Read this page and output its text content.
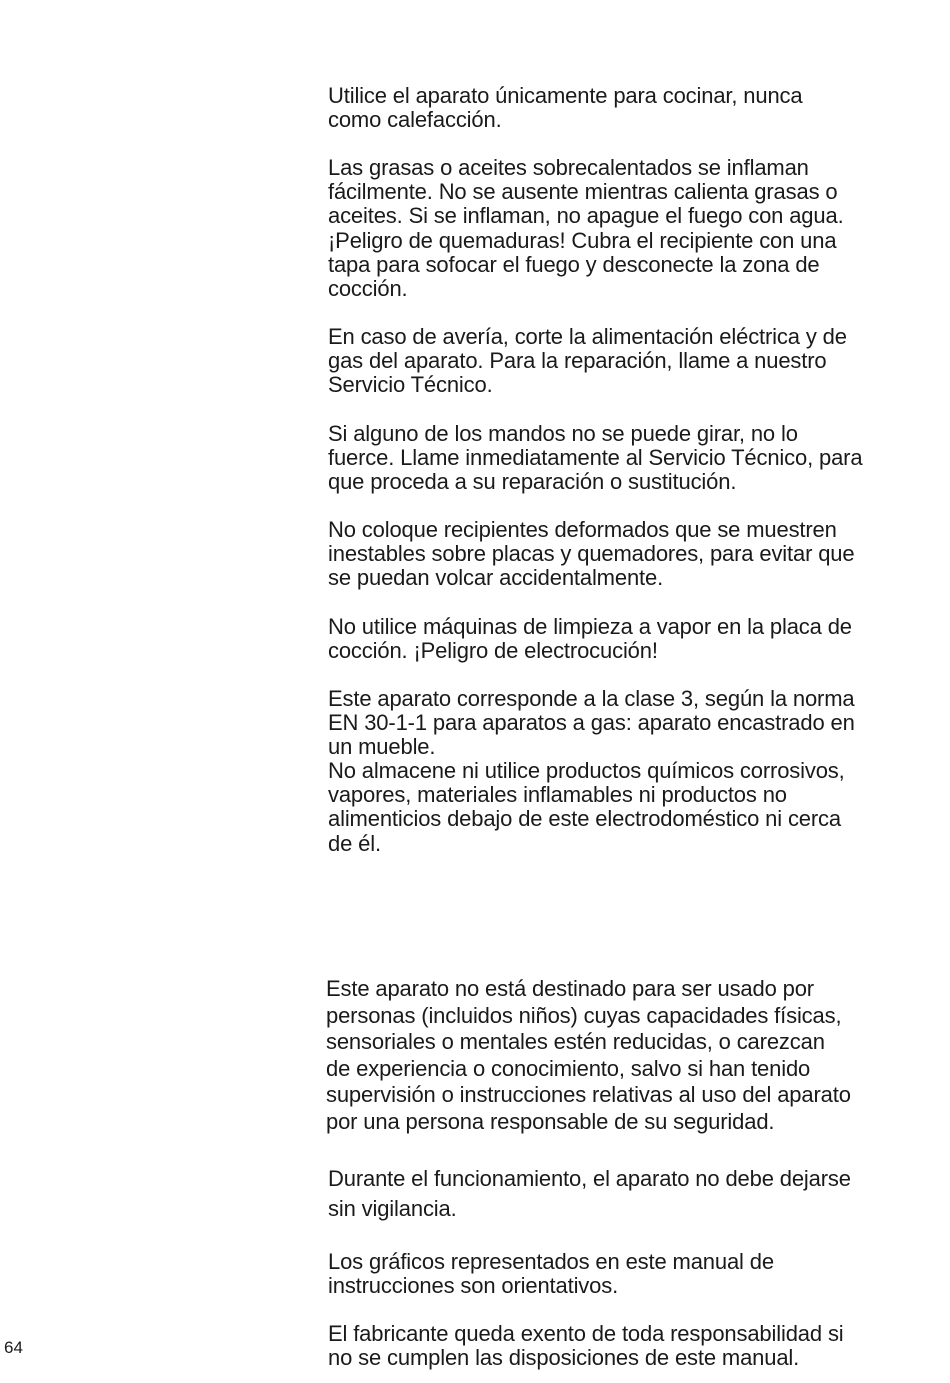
Utilice el aparato únicamente para cocinar, nunca
como calefacción.

Las grasas o aceites sobrecalentados se inflaman
fácilmente. No se ausente mientras calienta grasas o
aceites. Si se inflaman, no apague el fuego con agua.
¡Peligro de quemaduras! Cubra el recipiente con una
tapa para sofocar el fuego y desconecte la zona de
cocción.

En caso de avería, corte la alimentación eléctrica y de
gas del aparato. Para la reparación, llame a nuestro
Servicio Técnico.

Si alguno de los mandos no se puede girar, no lo
fuerce. Llame inmediatamente al Servicio Técnico, para
que proceda a su reparación o sustitución.

No coloque recipientes deformados que se muestren
inestables sobre placas y quemadores, para evitar que
se puedan volcar accidentalmente.

No utilice máquinas de limpieza a vapor en la placa de
cocción. ¡Peligro de electrocución!

Este aparato corresponde a la clase 3, según la norma
EN 30-1-1 para aparatos a gas: aparato encastrado en
un mueble.

No almacene ni utilice productos químicos corrosivos,
vapores, materiales inflamables ni productos no
alimenticios debajo de este electrodoméstico ni cerca
de él.

Este aparato no está destinado para ser usado por
personas (incluidos niños) cuyas capacidades físicas,
sensoriales o mentales estén reducidas, o carezcan
de experiencia o conocimiento, salvo si han tenido
supervisión o instrucciones relativas al uso del aparato
por una persona responsable de su seguridad.

Durante el funcionamiento, el aparato no debe dejarse
sin vigilancia.

Los gráficos representados en este manual de
instrucciones son orientativos.

El fabricante queda exento de toda responsabilidad si
no se cumplen las disposiciones de este manual.

64
